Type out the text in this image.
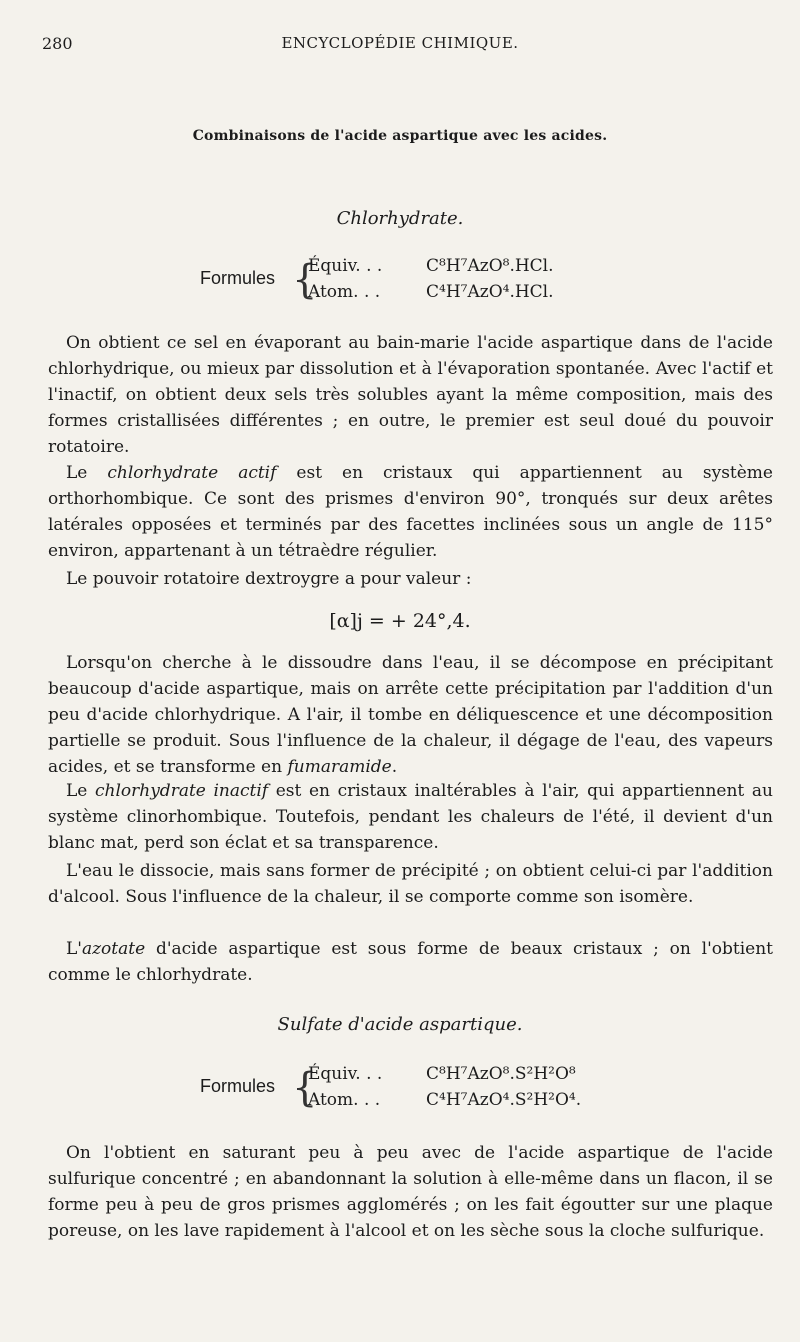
280	ENCYCLOPÉDIE CHIMIQUE.
Combinaisons de l'acide aspartique avec les acides.
Chlorhydrate.
Formules {
Équiv. . .	C⁸H⁷AzO⁸.HCl.
Atom. . .	C⁴H⁷AzO⁴.HCl.

On obtient ce sel en évaporant au bain-marie l'acide aspartique dans de l'acide chlorhydrique, ou mieux par dissolution et à l'évaporation spontanée. Avec l'actif et l'inactif, on obtient deux sels très solubles ayant la même composition, mais des formes cristallisées différentes ; en outre, le premier est seul doué du pouvoir rotatoire.

Le chlorhydrate actif est en cristaux qui appartiennent au système orthorhombique. Ce sont des prismes d'environ 90°, tronqués sur deux arêtes latérales opposées et terminés par des facettes inclinées sous un angle de 115° environ, appartenant à un tétraèdre régulier.

Le pouvoir rotatoire dextroygre a pour valeur :

[α]j = + 24°,4.

Lorsqu'on cherche à le dissoudre dans l'eau, il se décompose en précipitant beaucoup d'acide aspartique, mais on arrête cette précipitation par l'addition d'un peu d'acide chlorhydrique. A l'air, il tombe en déliquescence et une décomposition partielle se produit. Sous l'influence de la chaleur, il dégage de l'eau, des vapeurs acides, et se transforme en fumaramide.

Le chlorhydrate inactif est en cristaux inaltérables à l'air, qui appartiennent au système clinorhombique. Toutefois, pendant les chaleurs de l'été, il devient d'un blanc mat, perd son éclat et sa transparence.

L'eau le dissocie, mais sans former de précipité ; on obtient celui-ci par l'addition d'alcool. Sous l'influence de la chaleur, il se comporte comme son isomère.

L'azotate d'acide aspartique est sous forme de beaux cristaux ; on l'obtient comme le chlorhydrate.

Sulfate d'acide aspartique.
Formules {
Équiv. . .	C⁸H⁷AzO⁸.S²H²O⁸
Atom. . .	C⁴H⁷AzO⁴.S²H²O⁴.

On l'obtient en saturant peu à peu avec de l'acide aspartique de l'acide sulfurique concentré ; en abandonnant la solution à elle-même dans un flacon, il se forme peu à peu de gros prismes agglomérés ; on les fait égoutter sur une plaque poreuse, on les lave rapidement à l'alcool et on les sèche sous la cloche sulfurique.
